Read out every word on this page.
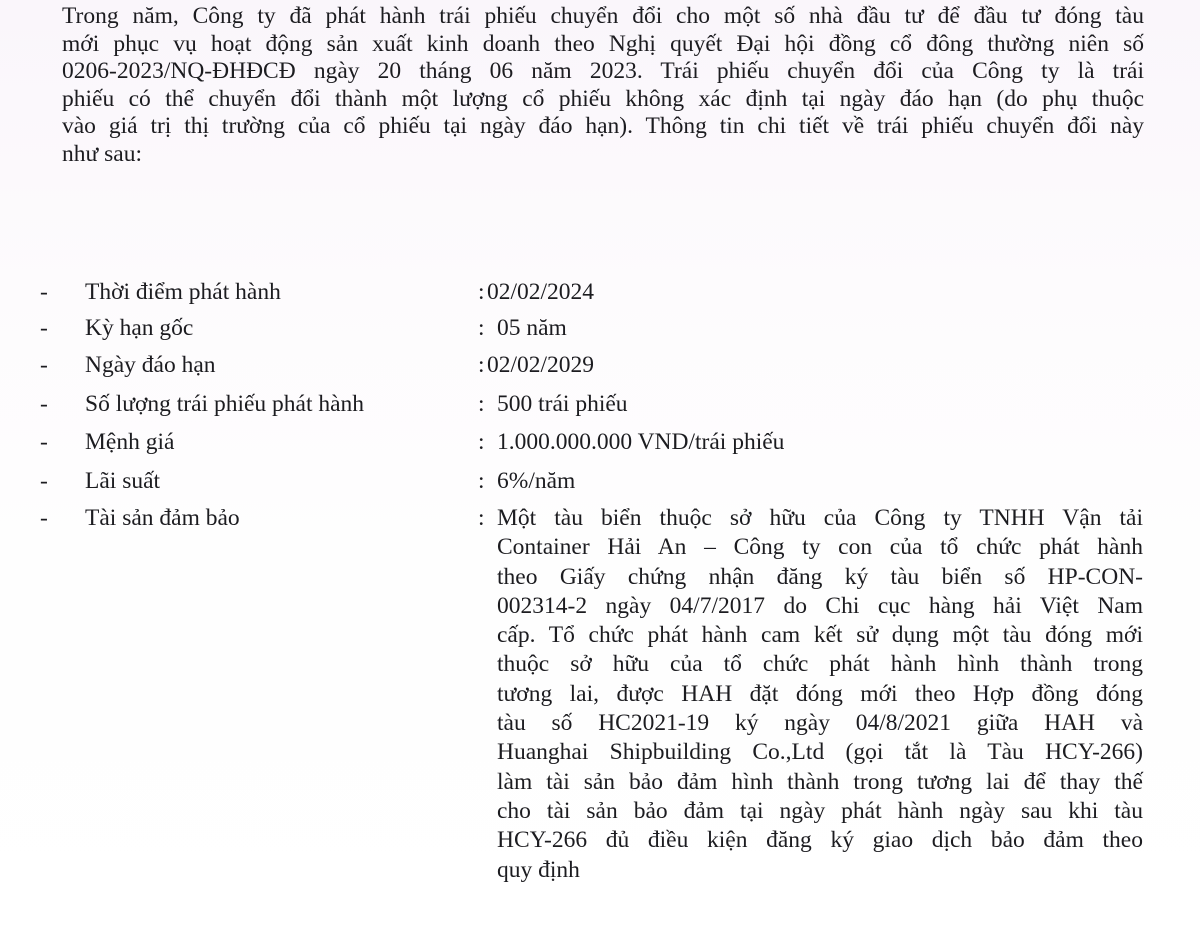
Trong năm, Công ty đã phát hành trái phiếu chuyển đổi cho một số nhà đầu tư để đầu tư đóng tàu
mới phục vụ hoạt động sản xuất kinh doanh theo Nghị quyết Đại hội đồng cổ đông thường niên số
0206-2023/NQ-ĐHĐCĐ ngày 20 tháng 06 năm 2023. Trái phiếu chuyển đổi của Công ty là trái
phiếu có thể chuyển đổi thành một lượng cổ phiếu không xác định tại ngày đáo hạn (do phụ thuộc
vào giá trị thị trường của cổ phiếu tại ngày đáo hạn). Thông tin chi tiết về trái phiếu chuyển đổi này
như sau:
- Thời điểm phát hành	: 02/02/2024
- Kỳ hạn gốc	: 05 năm
- Ngày đáo hạn	: 02/02/2029
- Số lượng trái phiếu phát hành	: 500 trái phiếu
- Mệnh giá	: 1.000.000.000 VND/trái phiếu
- Lãi suất	: 6%/năm
- Tài sản đảm bảo	: Một tàu biển thuộc sở hữu của Công ty TNHH Vận tải
Container Hải An – Công ty con của tổ chức phát hành
theo Giấy chứng nhận đăng ký tàu biển số HP-CON-
002314-2 ngày 04/7/2017 do Chi cục hàng hải Việt Nam
cấp. Tổ chức phát hành cam kết sử dụng một tàu đóng mới
thuộc sở hữu của tổ chức phát hành hình thành trong
tương lai, được HAH đặt đóng mới theo Hợp đồng đóng
tàu số HC2021-19 ký ngày 04/8/2021 giữa HAH và
Huanghai Shipbuilding Co.,Ltd (gọi tắt là Tàu HCY-266)
làm tài sản bảo đảm hình thành trong tương lai để thay thế
cho tài sản bảo đảm tại ngày phát hành ngày sau khi tàu
HCY-266 đủ điều kiện đăng ký giao dịch bảo đảm theo
quy định
